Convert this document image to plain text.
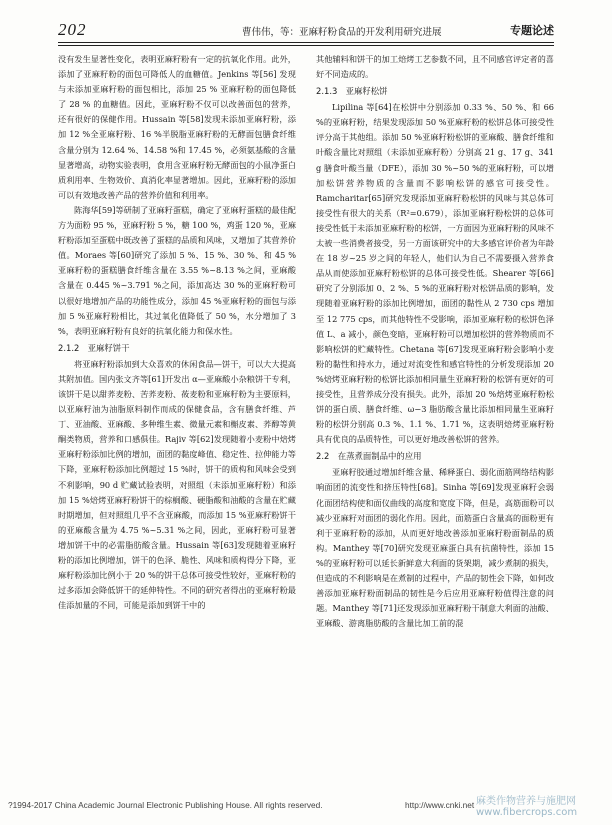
202	曹伟伟，等：亚麻籽粉食品的开发利用研究进展	专题论述

没有发生显著性变化，表明亚麻籽粉有一定的抗氧化作用。此外，添加了亚麻籽粉的面包可降低人的血糖值。Jenkins 等[56] 发现与未添加亚麻籽粉的面包相比，添加 25 % 亚麻籽粉的面包降低了 28 % 的血糖值。因此，亚麻籽粉不仅可以改善面包的营养，还有很好的保健作用。Hussain 等[58]发现未添加亚麻籽粉，添加 12 %全亚麻籽粉、16 %半脱脂亚麻籽粉的无酵面包膳食纤维含量分别为 12.64 %、14.58 %和 17.45 %，必须氨基酸的含量显著增高，动物实验表明，食用含亚麻籽粉无酵面包的小鼠净蛋白质利用率、生物效价、真消化率显著增加。因此，亚麻籽粉的添加可以有效地改善产品的营养价值和利用率。

陈海华[59]等研制了亚麻籽蛋糕，确定了亚麻籽蛋糕的最佳配方为面粉 95 %，亚麻籽粉 5 %，糖 100 %，鸡蛋 120 %，亚麻籽粉添加至蛋糕中既改善了蛋糕的品质和风味，又增加了其营养价值。Moraes 等[60]研究了添加 5 %、15 %、30 %、和 45 %亚麻籽粉的蛋糕膳食纤维含量在 3.55 %~8.13 %之间，亚麻酸含量在 0.445 %~3.791 %之间，添加高达 30 %的亚麻籽粉可以很好地增加产品的功能性成分，添加 45 %亚麻籽粉的面包与添加 5 %亚麻籽粉相比，其过氧化值降低了 50 %，水分增加了 3 %，表明亚麻籽粉有良好的抗氧化能力和保水性。

2.1.2　亚麻籽饼干

将亚麻籽粉添加到大众喜欢的休闲食品—饼干，可以大大提高其附加值。国内张文齐等[61]开发出 α—亚麻酸小杂粮饼干专利，该饼干是以甜荞麦粉、苦荞麦粉、莜麦粉和亚麻籽粉为主要原料，以亚麻籽油为油脂原料制作而成的保健食品，含有膳食纤维、芦丁、亚油酸、亚麻酸、多种维生素、微量元素和槲皮素、荞醇等黄酮类物质，营养和口感俱佳。Rajiv 等[62]发现随着小麦粉中焙烤亚麻籽粉添加比例的增加，面团的黏度峰值、稳定性、拉伸能力等下降，亚麻籽粉添加比例超过 15 %时，饼干的质构和风味会受到不利影响，90 d 贮藏试验表明，对照组（未添加亚麻籽粉）和添加 15 %焙烤亚麻籽粉饼干的棕榈酸、硬脂酸和油酸的含量在贮藏时期增加，但对照组几乎不含亚麻酸，而添加 15 %亚麻籽粉饼干的亚麻酸含量为 4.75 %~5.31 %之间，因此，亚麻籽粉可显著增加饼干中的必需脂肪酸含量。Hussain 等[63]发现随着亚麻籽粉的添加比例增加，饼干的色泽、脆性、风味和质构得分下降，亚麻籽粉添加比例小于 20 %的饼干总体可接受性较好，亚麻籽粉的过多添加会降低饼干的延伸特性。不同的研究者得出的亚麻籽粉最佳添加量的不同，可能是添加到饼干中的

其他辅料和饼干的加工焙烤工艺参数不同，且不同感官评定者的喜好不同造成的。

2.1.3　亚麻籽松饼

Lipilina 等[64]在松饼中分别添加 0.33 %、50 %、和 66 %的亚麻籽粉，结果发现添加 50 %亚麻籽粉的松饼总体可接受性评分高于其他组。添加 50 %亚麻籽粉松饼的亚麻酸、膳食纤维和叶酸含量比对照组（未添加亚麻籽粉）分别高 21 g、17 g、341 g 膳食叶酸当量（DFE），添加 30 %~50 %的亚麻籽粉，可以增加松饼营养物质的含量而不影响松饼的感官可接受性。Ramcharitar[65]研究发现添加亚麻籽粉松饼的风味与其总体可接受性有很大的关系（R²=0.679），添加亚麻籽粉松饼的总体可接受性低于未添加亚麻籽粉的松饼，一方面因为亚麻籽粉的风味不太被一些消费者接受，另一方面该研究中的大多感官评价者为年龄在 18 岁~25 岁之间的年轻人，他们认为自己不需要摄入营养食品从而使添加亚麻籽粉松饼的总体可接受性低。Shearer 等[66]研究了分别添加 0、2 %、5 %的亚麻籽粉对松饼品质的影响，发现随着亚麻籽粉的添加比例增加，面团的黏性从 2 730 cps 增加至 12 775 cps，而其他特性不受影响，添加亚麻籽粉的松饼色泽值 L、a 减小，颜色变暗，亚麻籽粉可以增加松饼的营养物质而不影响松饼的贮藏特性。Chetana 等[67]发现亚麻籽粉会影响小麦粉的黏性和持水力，通过对流变性和感官特性的分析发现添加 20 %焙烤亚麻籽粉的松饼比添加相同量生亚麻籽粉的松饼有更好的可接受性，且营养成分没有损失。此外，添加 20 %焙烤亚麻籽粉松饼的蛋白质、膳食纤维、ω−3 脂肪酸含量比添加相同量生亚麻籽粉的松饼分别高 0.3 %、1.1 %、1.71 %，这表明焙烤亚麻籽粉具有优良的品质特性，可以更好地改善松饼的营养。

2.2　在蒸煮面制品中的应用

亚麻籽胶通过增加纤维含量、稀释蛋白、弱化面筋网络结构影响面团的流变性和挤压特性[68]。Sinha 等[69]发现亚麻籽会弱化面团结构使和面仪曲线的高度和宽度下降，但是，高筋面粉可以减少亚麻籽对面团的弱化作用。因此，面筋蛋白含量高的面粉更有利于亚麻籽粉的添加，从而更好地改善添加亚麻籽粉面制品的质构。Manthey 等[70]研究发现亚麻蛋白具有抗菌特性，添加 15 %的亚麻籽粉可以延长新鲜意大利面的货架期，减少煮制的损失，但造成的不利影响是在煮制的过程中，产品的韧性会下降，如何改善添加亚麻籽粉面制品的韧性是今后应用亚麻籽粉值得注意的问题。Manthey 等[71]还发现添加亚麻籽粉干制意大利面的油酸、亚麻酸、游离脂肪酸的含量比加工前的混

?1994-2017 China Academic Journal Electronic Publishing House. All rights reserved.	http://www.cnki.net 麻类作物营养与施肥网
www.fibercrops.com
